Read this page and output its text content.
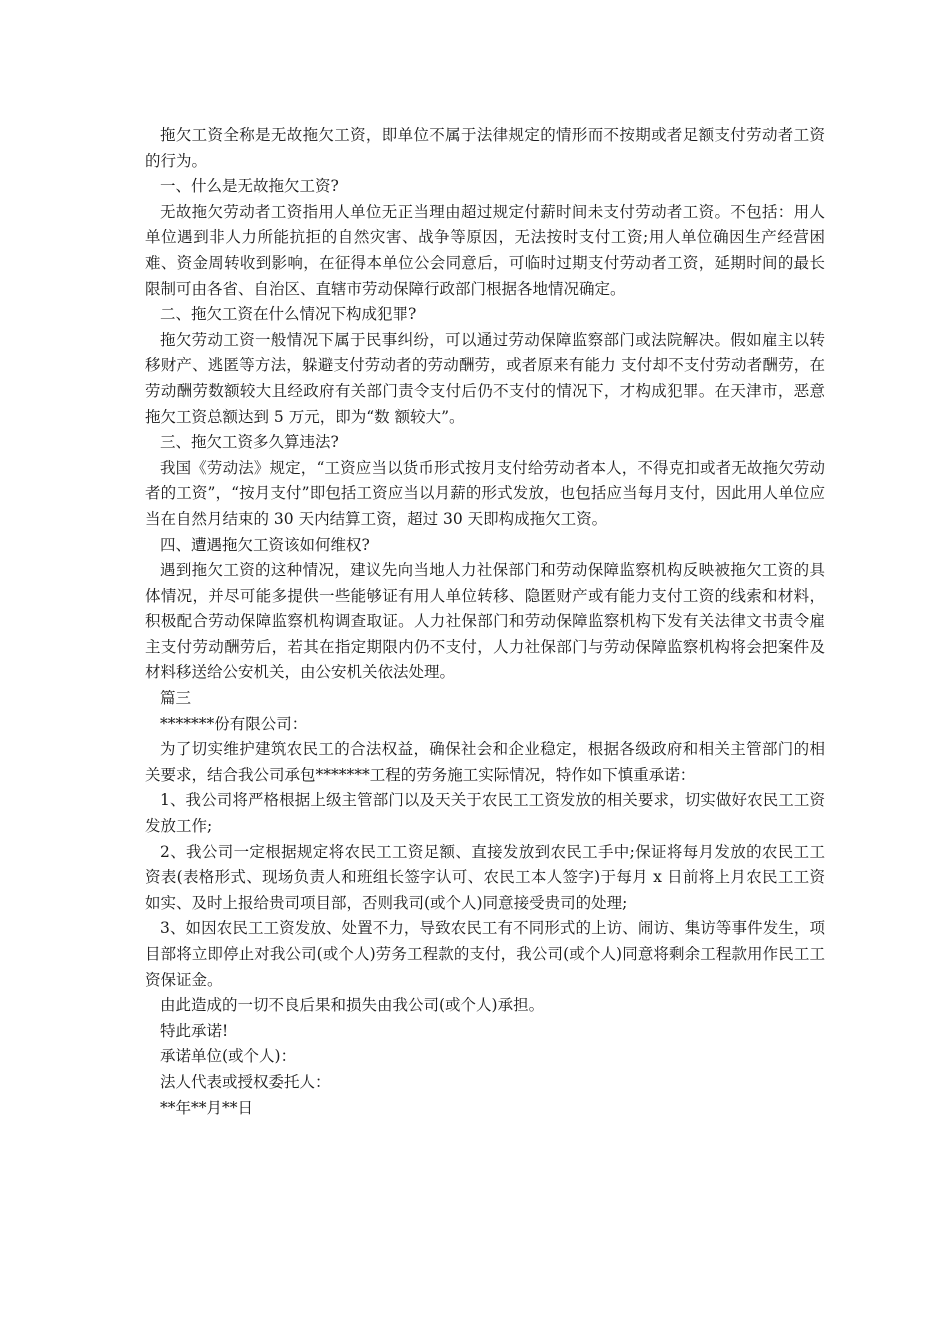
拖欠工资全称是无故拖欠工资，即单位不属于法律规定的情形而不按期或者足额支付劳动者工资的行为。

一、什么是无故拖欠工资?

无故拖欠劳动者工资指用人单位无正当理由超过规定付薪时间未支付劳动者工资。不包括：用人单位遇到非人力所能抗拒的自然灾害、战争等原因，无法按时支付工资;用人单位确因生产经营困难、资金周转收到影响，在征得本单位公会同意后，可临时过期支付劳动者工资，延期时间的最长限制可由各省、自治区、直辖市劳动保障行政部门根据各地情况确定。

二、拖欠工资在什么情况下构成犯罪?

拖欠劳动工资一般情况下属于民事纠纷，可以通过劳动保障监察部门或法院解决。假如雇主以转移财产、逃匿等方法，躲避支付劳动者的劳动酬劳，或者原来有能力 支付却不支付劳动者酬劳，在劳动酬劳数额较大且经政府有关部门责令支付后仍不支付的情况下，才构成犯罪。在天津市，恶意拖欠工资总额达到 5 万元，即为“数 额较大”。

三、拖欠工资多久算违法?

我国《劳动法》规定，“工资应当以货币形式按月支付给劳动者本人，不得克扣或者无故拖欠劳动者的工资”，“按月支付”即包括工资应当以月薪的形式发放，也包括应当每月支付，因此用人单位应当在自然月结束的 30 天内结算工资，超过 30 天即构成拖欠工资。

四、遭遇拖欠工资该如何维权?

遇到拖欠工资的这种情况，建议先向当地人力社保部门和劳动保障监察机构反映被拖欠工资的具体情况，并尽可能多提供一些能够证有用人单位转移、隐匿财产或有能力支付工资的线索和材料，积极配合劳动保障监察机构调查取证。人力社保部门和劳动保障监察机构下发有关法律文书责令雇主支付劳动酬劳后，若其在指定期限内仍不支付，人力社保部门与劳动保障监察机构将会把案件及材料移送给公安机关，由公安机关依法处理。

篇三

*******份有限公司：

为了切实维护建筑农民工的合法权益，确保社会和企业稳定，根据各级政府和相关主管部门的相关要求，结合我公司承包*******工程的劳务施工实际情况，特作如下慎重承诺：

1、我公司将严格根据上级主管部门以及天关于农民工工资发放的相关要求，切实做好农民工工资发放工作;

2、我公司一定根据规定将农民工工资足额、直接发放到农民工手中;保证将每月发放的农民工工资表(表格形式、现场负责人和班组长签字认可、农民工本人签字)于每月 x 日前将上月农民工工资如实、及时上报给贵司项目部，否则我司(或个人)同意接受贵司的处理;

3、如因农民工工资发放、处置不力，导致农民工有不同形式的上访、闹访、集访等事件发生，项目部将立即停止对我公司(或个人)劳务工程款的支付，我公司(或个人)同意将剩余工程款用作民工工资保证金。

由此造成的一切不良后果和损失由我公司(或个人)承担。

特此承诺!

承诺单位(或个人)：

法人代表或授权委托人：

**年**月**日
